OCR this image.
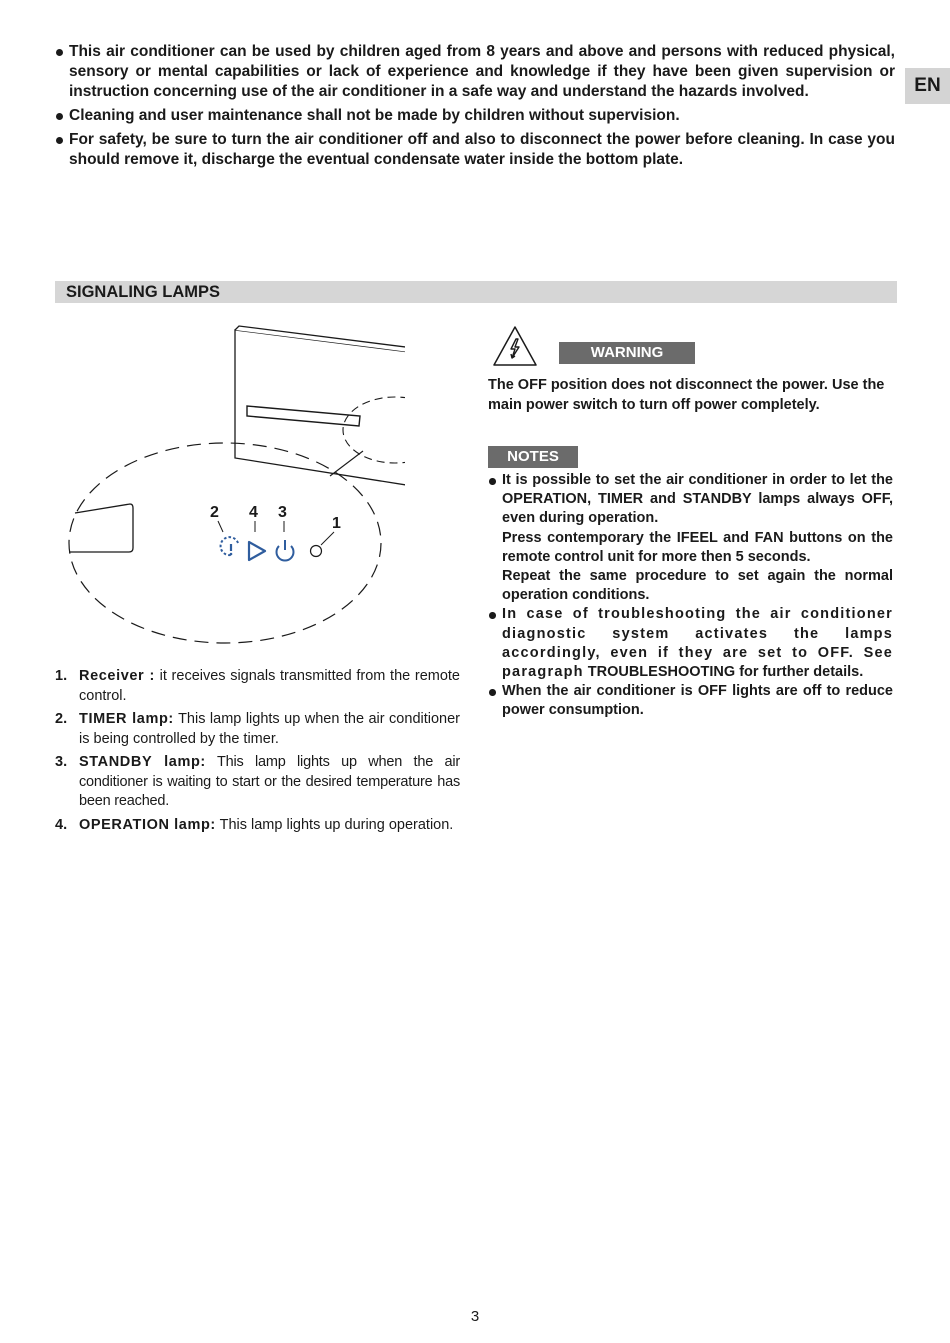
EN
This air conditioner can be used by children aged from 8 years and above and persons with reduced physical, sensory or mental capabilities or lack of experience and knowledge if they have been given supervision or instruction concerning use of the air conditioner in a safe way and understand the hazards involved.
Cleaning and user maintenance shall not be made by children without supervision.
For safety, be sure to turn the air conditioner off and also to disconnect the power before cleaning. In case you should remove it, discharge the eventual condensate water inside the bottom plate.
SIGNALING LAMPS
2 4 3
1
1. Receiver : it receives signals transmitted from the remote control.
2. TIMER lamp: This lamp lights up when the air conditioner is being controlled by the timer.
3. STANDBY lamp: This lamp lights up when the air conditioner is waiting to start or the desired temperature has been reached.
4. OPERATION lamp: This lamp lights up during operation.
WARNING
The OFF position does not disconnect the power. Use the main power switch to turn off power completely.
NOTES
It is possible to set the air conditioner in order to let the OPERATION, TIMER and STANDBY lamps always OFF, even during operation.
Press contemporary the IFEEL and FAN buttons on the remote control unit for more then 5 seconds.
Repeat the same procedure to set again the normal operation conditions.
In case of troubleshooting the air conditioner diagnostic system activates the lamps accordingly, even if they are set to OFF. See paragraph TROUBLESHOOTING for further details.
When the air conditioner is OFF lights are off to reduce power consumption.
3
